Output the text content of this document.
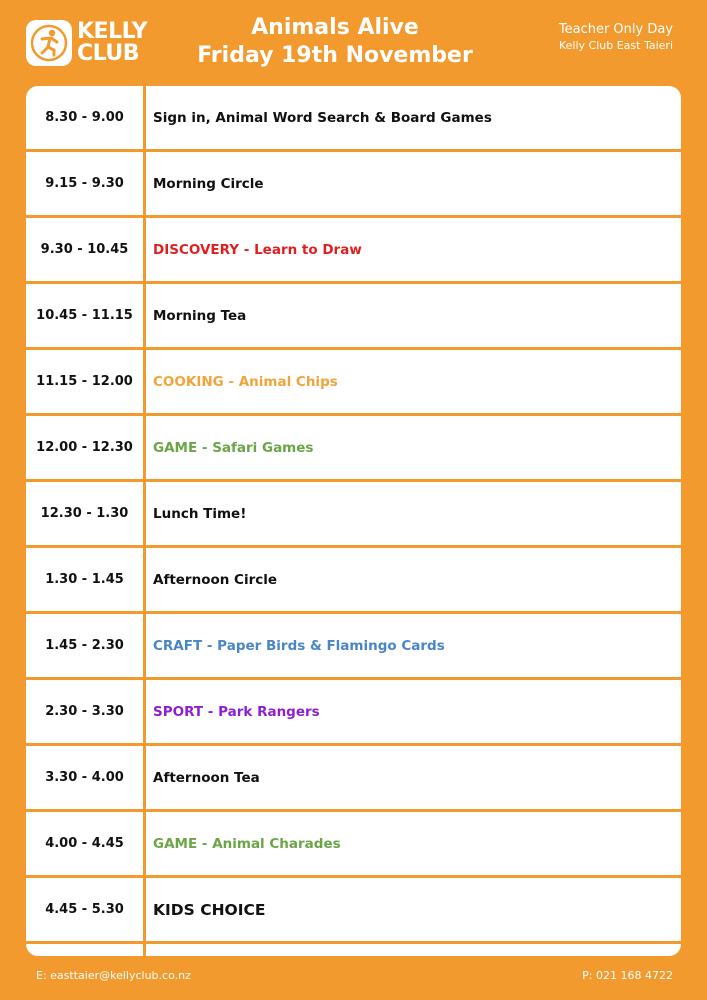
KELLY
CLUB
Animals Alive
Friday 19th November
Teacher Only Day
Kelly Club East Taieri
8.30 - 9.00	Sign in, Animal Word Search & Board Games
9.15 - 9.30	Morning Circle
9.30 - 10.45	DISCOVERY - Learn to Draw
10.45 - 11.15	Morning Tea
11.15 - 12.00	COOKING - Animal Chips
12.00 - 12.30	GAME - Safari Games
12.30 - 1.30	Lunch Time!
1.30 - 1.45	Afternoon Circle
1.45 - 2.30	CRAFT - Paper Birds & Flamingo Cards
2.30 - 3.30	SPORT - Park Rangers
3.30 - 4.00	Afternoon Tea
4.00 - 4.45	GAME - Animal Charades
4.45 - 5.30	KIDS CHOICE
E: easttaier@kellyclub.co.nz	P: 021 168 4722
